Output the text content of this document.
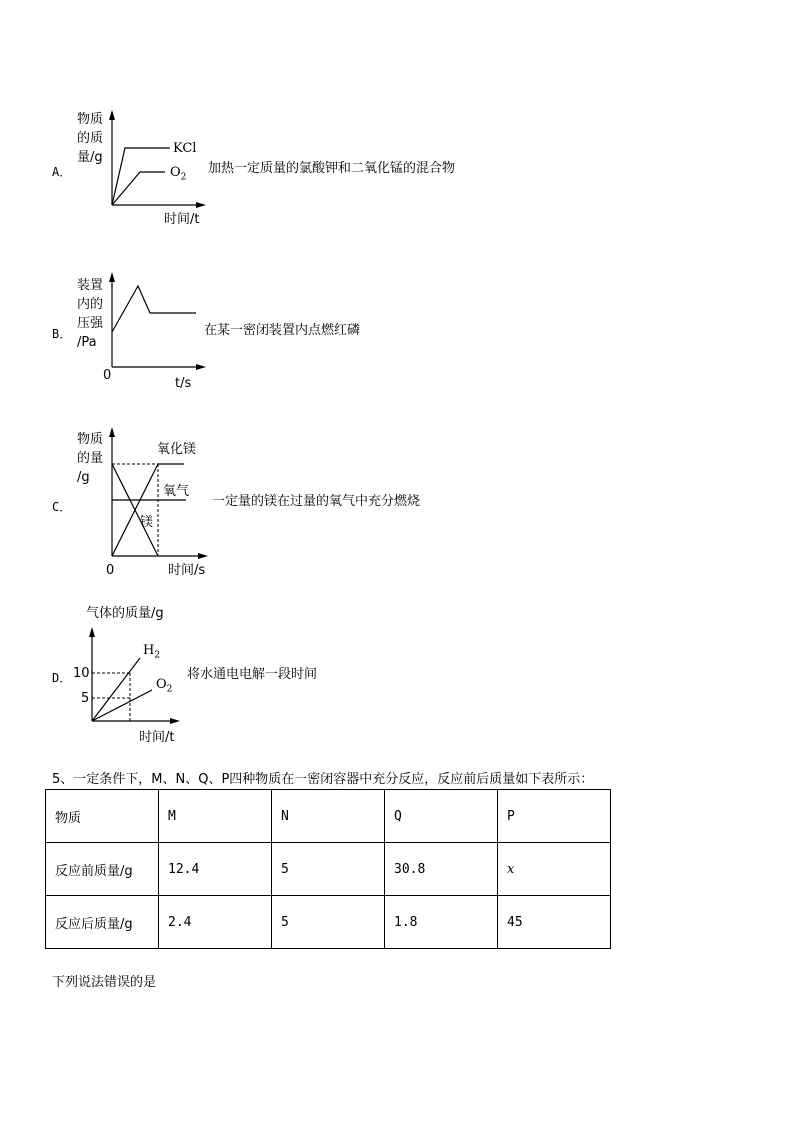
A．
物质
的质
量/g
KCl
$O_2$
时间/t
加热一定质量的氯酸钾和二氧化锰的混合物
B．
装置
内的
压强
/Pa
0
t/s
在某一密闭装置内点燃红磷
C．
物质
的量
/g
氧化镁
氧气
镁
0	时间/s
一定量的镁在过量的氧气中充分燃烧
D．
气体的质量/g
$H_2$
$O_2$
10
5
时间/t
将水通电电解一段时间
5、一定条件下，M、N、Q、P四种物质在一密闭容器中充分反应，反应前后质量如下表所示：
物质	M	N	Q	P
反应前质量/g	12.4	5	30.8	x
反应后质量/g	2.4	5	1.8	45
下列说法错误的是
